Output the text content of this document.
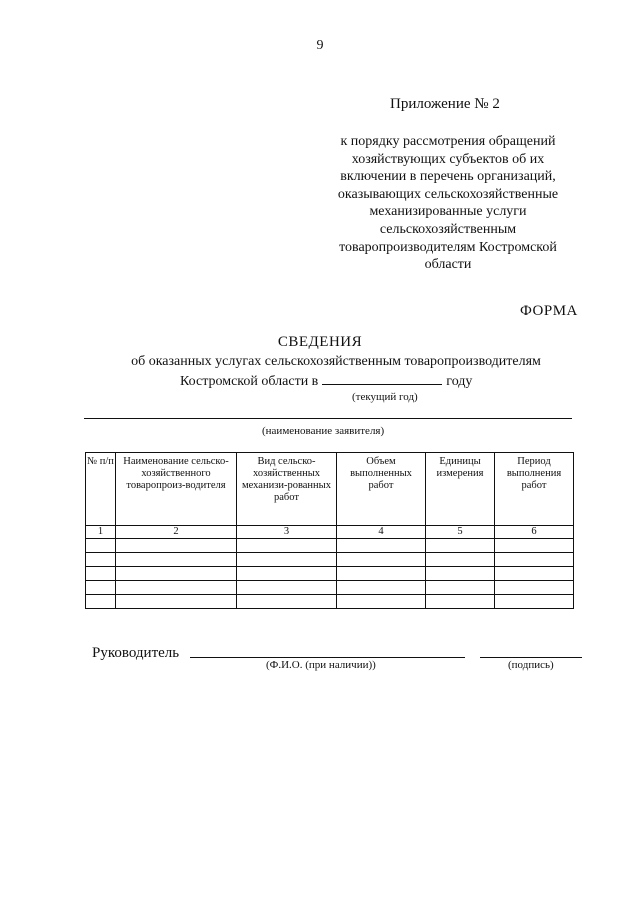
9
Приложение № 2
к порядку рассмотрения обращений
хозяйствующих субъектов об их
включении в перечень организаций,
оказывающих сельскохозяйственные
механизированные услуги
сельскохозяйственным
товаропроизводителям Костромской
области
ФОРМА
СВЕДЕНИЯ
об оказанных услугах сельскохозяйственным товаропроизводителям
Костромской области в	году
(текущий год)
(наименование заявителя)
№ п/п	Наименование сельско-хозяйственного товаропроиз-водителя	Вид сельско-хозяйственных механизи-рованных работ	Объем выполненных работ	Единицы измерения	Период выполнения работ
1	2	3	4	5	6

Руководитель
(Ф.И.О. (при наличии))	(подпись)
